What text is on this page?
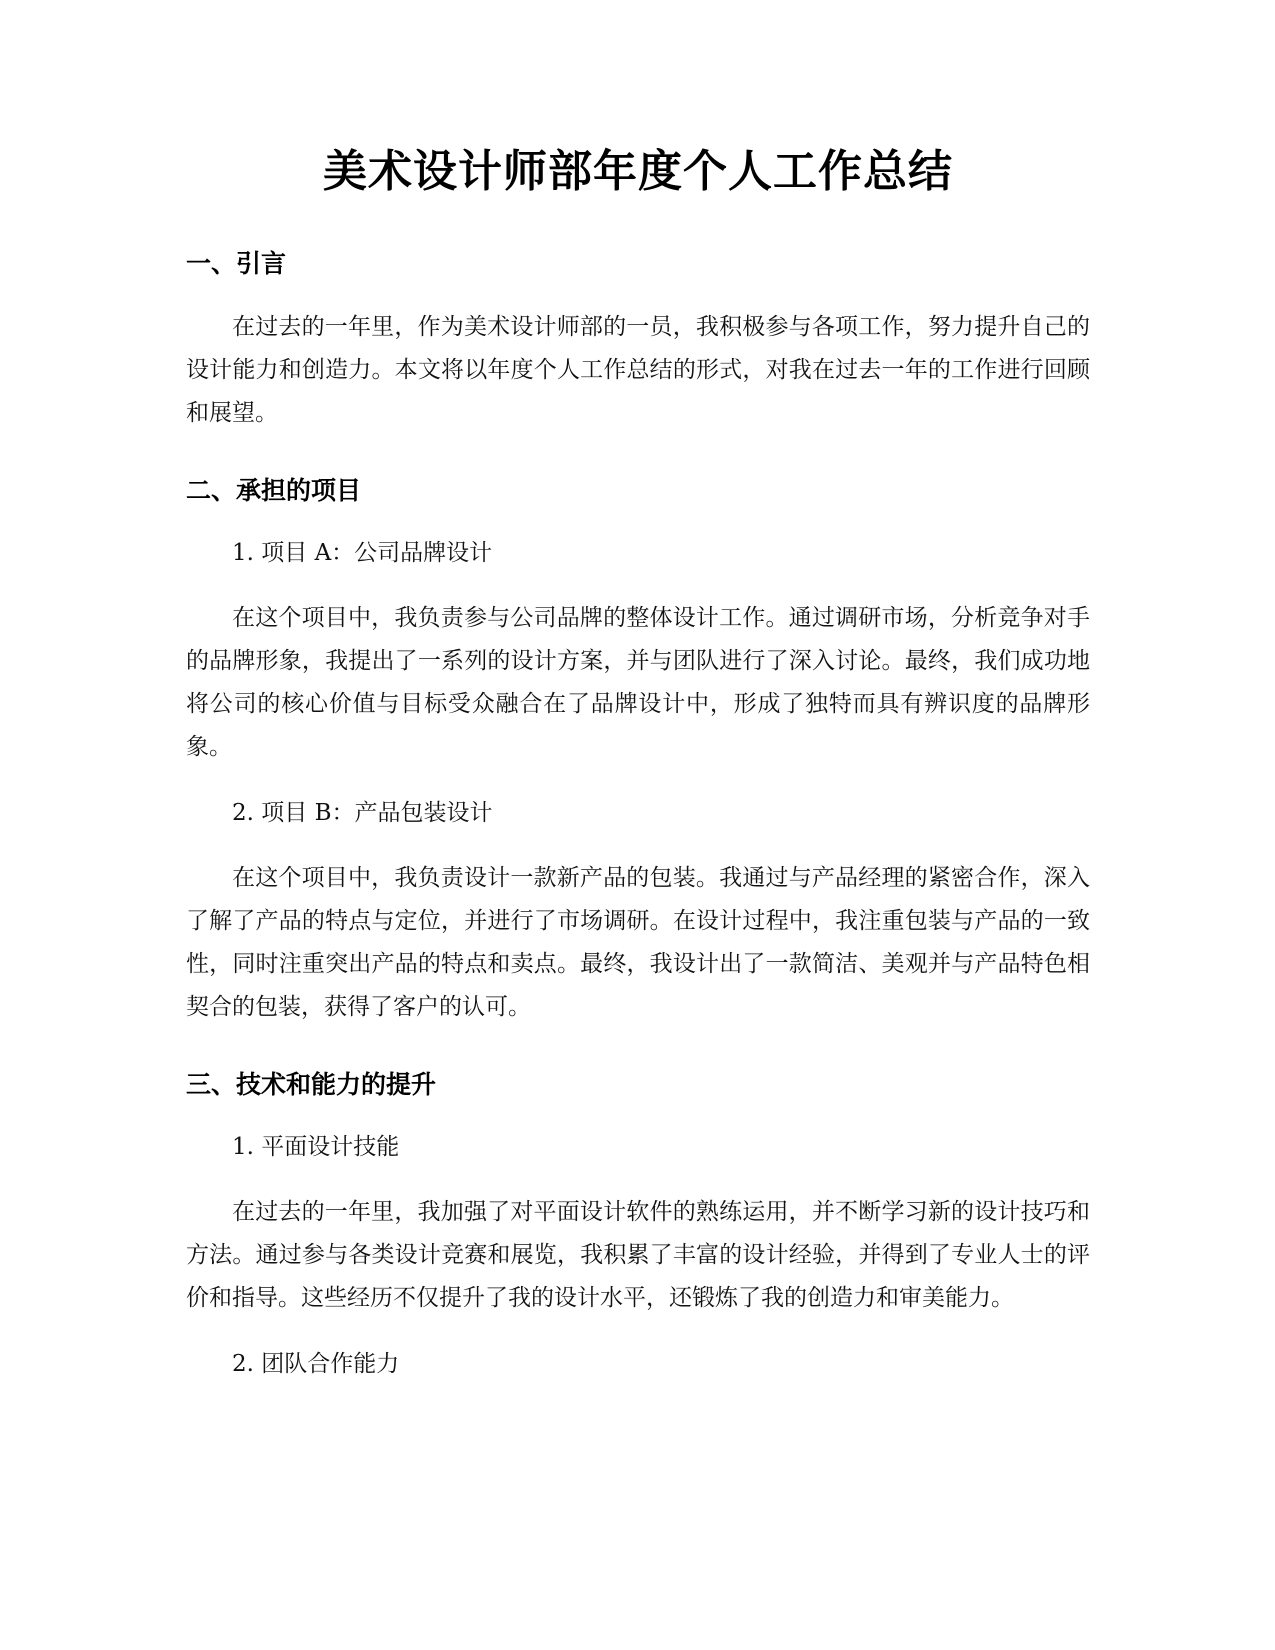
美术设计师部年度个人工作总结
一、引言

在过去的一年里，作为美术设计师部的一员，我积极参与各项工作，努力提升自己的设计能力和创造力。本文将以年度个人工作总结的形式，对我在过去一年的工作进行回顾和展望。

二、承担的项目

1. 项目 A：公司品牌设计

在这个项目中，我负责参与公司品牌的整体设计工作。通过调研市场，分析竞争对手的品牌形象，我提出了一系列的设计方案，并与团队进行了深入讨论。最终，我们成功地将公司的核心价值与目标受众融合在了品牌设计中，形成了独特而具有辨识度的品牌形象。

2. 项目 B：产品包装设计

在这个项目中，我负责设计一款新产品的包装。我通过与产品经理的紧密合作，深入了解了产品的特点与定位，并进行了市场调研。在设计过程中，我注重包装与产品的一致性，同时注重突出产品的特点和卖点。最终，我设计出了一款简洁、美观并与产品特色相契合的包装，获得了客户的认可。

三、技术和能力的提升

1. 平面设计技能

在过去的一年里，我加强了对平面设计软件的熟练运用，并不断学习新的设计技巧和方法。通过参与各类设计竞赛和展览，我积累了丰富的设计经验，并得到了专业人士的评价和指导。这些经历不仅提升了我的设计水平，还锻炼了我的创造力和审美能力。

2. 团队合作能力
